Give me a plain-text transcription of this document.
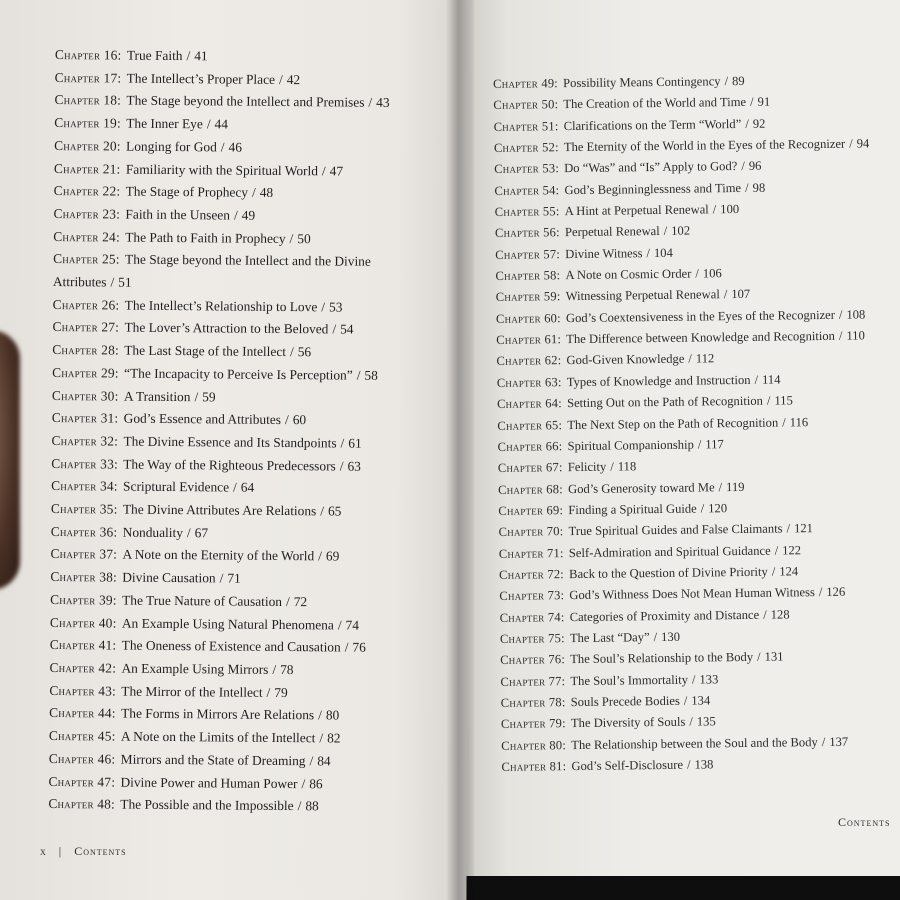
Chapter 16: True Faith / 41
Chapter 17: The Intellect’s Proper Place / 42
Chapter 18: The Stage beyond the Intellect and Premises / 43
Chapter 19: The Inner Eye / 44
Chapter 20: Longing for God / 46
Chapter 21: Familiarity with the Spiritual World / 47
Chapter 22: The Stage of Prophecy / 48
Chapter 23: Faith in the Unseen / 49
Chapter 24: The Path to Faith in Prophecy / 50
Chapter 25: The Stage beyond the Intellect and the Divine Attributes / 51
Chapter 26: The Intellect’s Relationship to Love / 53
Chapter 27: The Lover’s Attraction to the Beloved / 54
Chapter 28: The Last Stage of the Intellect / 56
Chapter 29: “The Incapacity to Perceive Is Perception” / 58
Chapter 30: A Transition / 59
Chapter 31: God’s Essence and Attributes / 60
Chapter 32: The Divine Essence and Its Standpoints / 61
Chapter 33: The Way of the Righteous Predecessors / 63
Chapter 34: Scriptural Evidence / 64
Chapter 35: The Divine Attributes Are Relations / 65
Chapter 36: Nonduality / 67
Chapter 37: A Note on the Eternity of the World / 69
Chapter 38: Divine Causation / 71
Chapter 39: The True Nature of Causation / 72
Chapter 40: An Example Using Natural Phenomena / 74
Chapter 41: The Oneness of Existence and Causation / 76
Chapter 42: An Example Using Mirrors / 78
Chapter 43: The Mirror of the Intellect / 79
Chapter 44: The Forms in Mirrors Are Relations / 80
Chapter 45: A Note on the Limits of the Intellect / 82
Chapter 46: Mirrors and the State of Dreaming / 84
Chapter 47: Divine Power and Human Power / 86
Chapter 48: The Possible and the Impossible / 88
Chapter 49: Possibility Means Contingency / 89
Chapter 50: The Creation of the World and Time / 91
Chapter 51: Clarifications on the Term “World” / 92
Chapter 52: The Eternity of the World in the Eyes of the Recognizer / 94
Chapter 53: Do “Was” and “Is” Apply to God? / 96
Chapter 54: God’s Beginninglessness and Time / 98
Chapter 55: A Hint at Perpetual Renewal / 100
Chapter 56: Perpetual Renewal / 102
Chapter 57: Divine Witness / 104
Chapter 58: A Note on Cosmic Order / 106
Chapter 59: Witnessing Perpetual Renewal / 107
Chapter 60: God’s Coextensiveness in the Eyes of the Recognizer / 108
Chapter 61: The Difference between Knowledge and Recognition / 110
Chapter 62: God-Given Knowledge / 112
Chapter 63: Types of Knowledge and Instruction / 114
Chapter 64: Setting Out on the Path of Recognition / 115
Chapter 65: The Next Step on the Path of Recognition / 116
Chapter 66: Spiritual Companionship / 117
Chapter 67: Felicity / 118
Chapter 68: God’s Generosity toward Me / 119
Chapter 69: Finding a Spiritual Guide / 120
Chapter 70: True Spiritual Guides and False Claimants / 121
Chapter 71: Self-Admiration and Spiritual Guidance / 122
Chapter 72: Back to the Question of Divine Priority / 124
Chapter 73: God’s Withness Does Not Mean Human Witness / 126
Chapter 74: Categories of Proximity and Distance / 128
Chapter 75: The Last “Day” / 130
Chapter 76: The Soul’s Relationship to the Body / 131
Chapter 77: The Soul’s Immortality / 133
Chapter 78: Souls Precede Bodies / 134
Chapter 79: The Diversity of Souls / 135
Chapter 80: The Relationship between the Soul and the Body / 137
Chapter 81: God’s Self-Disclosure / 138
x | Contents
Contents
